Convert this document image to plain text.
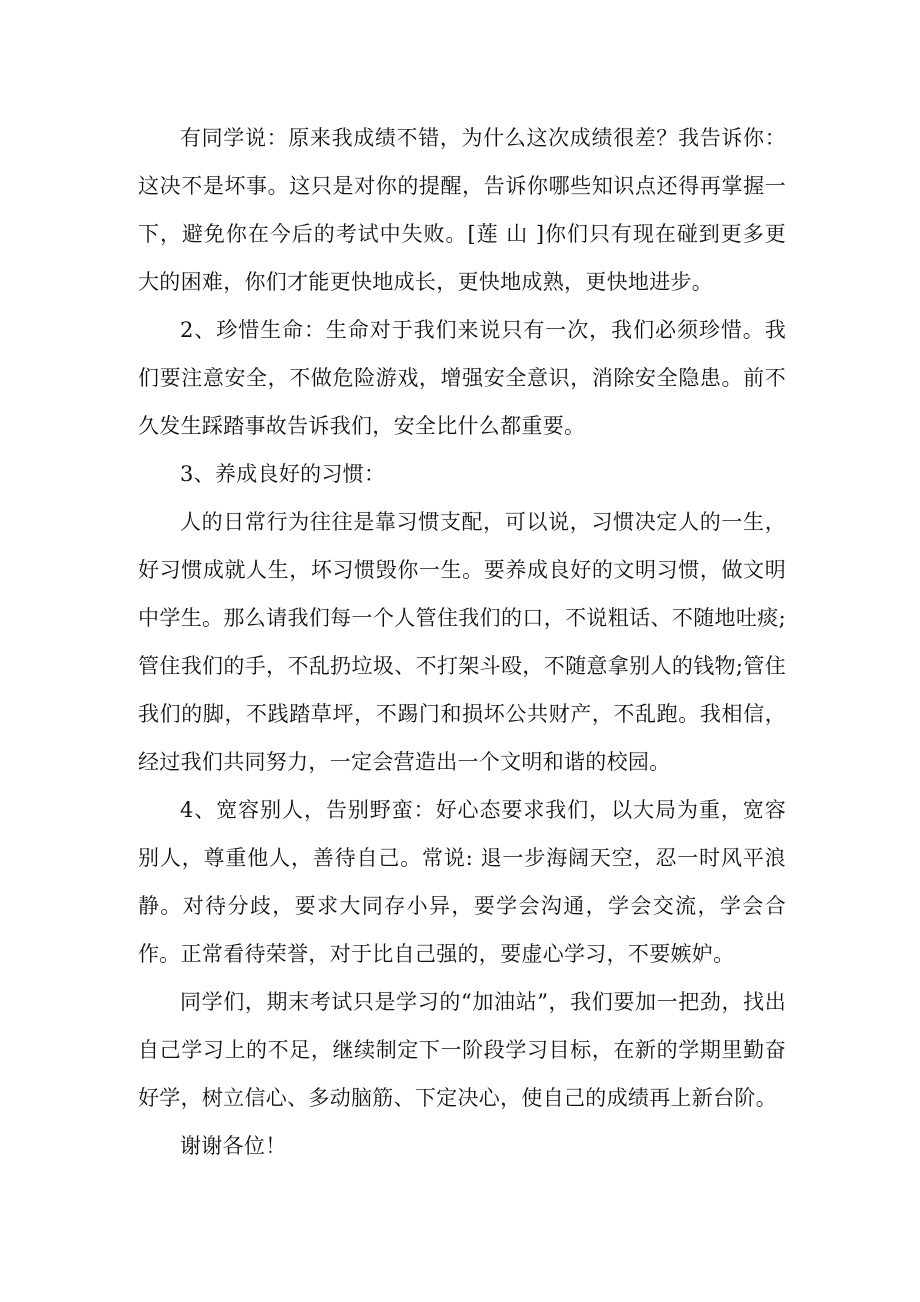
有同学说：原来我成绩不错，为什么这次成绩很差？我告诉你：这决不是坏事。这只是对你的提醒，告诉你哪些知识点还得再掌握一下，避免你在今后的考试中失败。[莲 山 ]你们只有现在碰到更多更大的困难，你们才能更快地成长，更快地成熟，更快地进步。

2、珍惜生命：生命对于我们来说只有一次，我们必须珍惜。我们要注意安全，不做危险游戏，增强安全意识，消除安全隐患。前不久发生踩踏事故告诉我们，安全比什么都重要。

3、养成良好的习惯：

人的日常行为往往是靠习惯支配，可以说，习惯决定人的一生，好习惯成就人生，坏习惯毁你一生。要养成良好的文明习惯，做文明中学生。那么请我们每一个人管住我们的口，不说粗话、不随地吐痰;管住我们的手，不乱扔垃圾、不打架斗殴，不随意拿别人的钱物;管住我们的脚，不践踏草坪，不踢门和损坏公共财产，不乱跑。我相信，经过我们共同努力，一定会营造出一个文明和谐的校园。

4、宽容别人，告别野蛮：好心态要求我们，以大局为重，宽容别人，尊重他人，善待自己。常说: 退一步海阔天空，忍一时风平浪静。对待分歧，要求大同存小异，要学会沟通，学会交流，学会合作。正常看待荣誉，对于比自己强的，要虚心学习，不要嫉妒。

同学们，期末考试只是学习的“加油站”，我们要加一把劲，找出自己学习上的不足，继续制定下一阶段学习目标，在新的学期里勤奋好学，树立信心、多动脑筋、下定决心，使自己的成绩再上新台阶。

谢谢各位！
